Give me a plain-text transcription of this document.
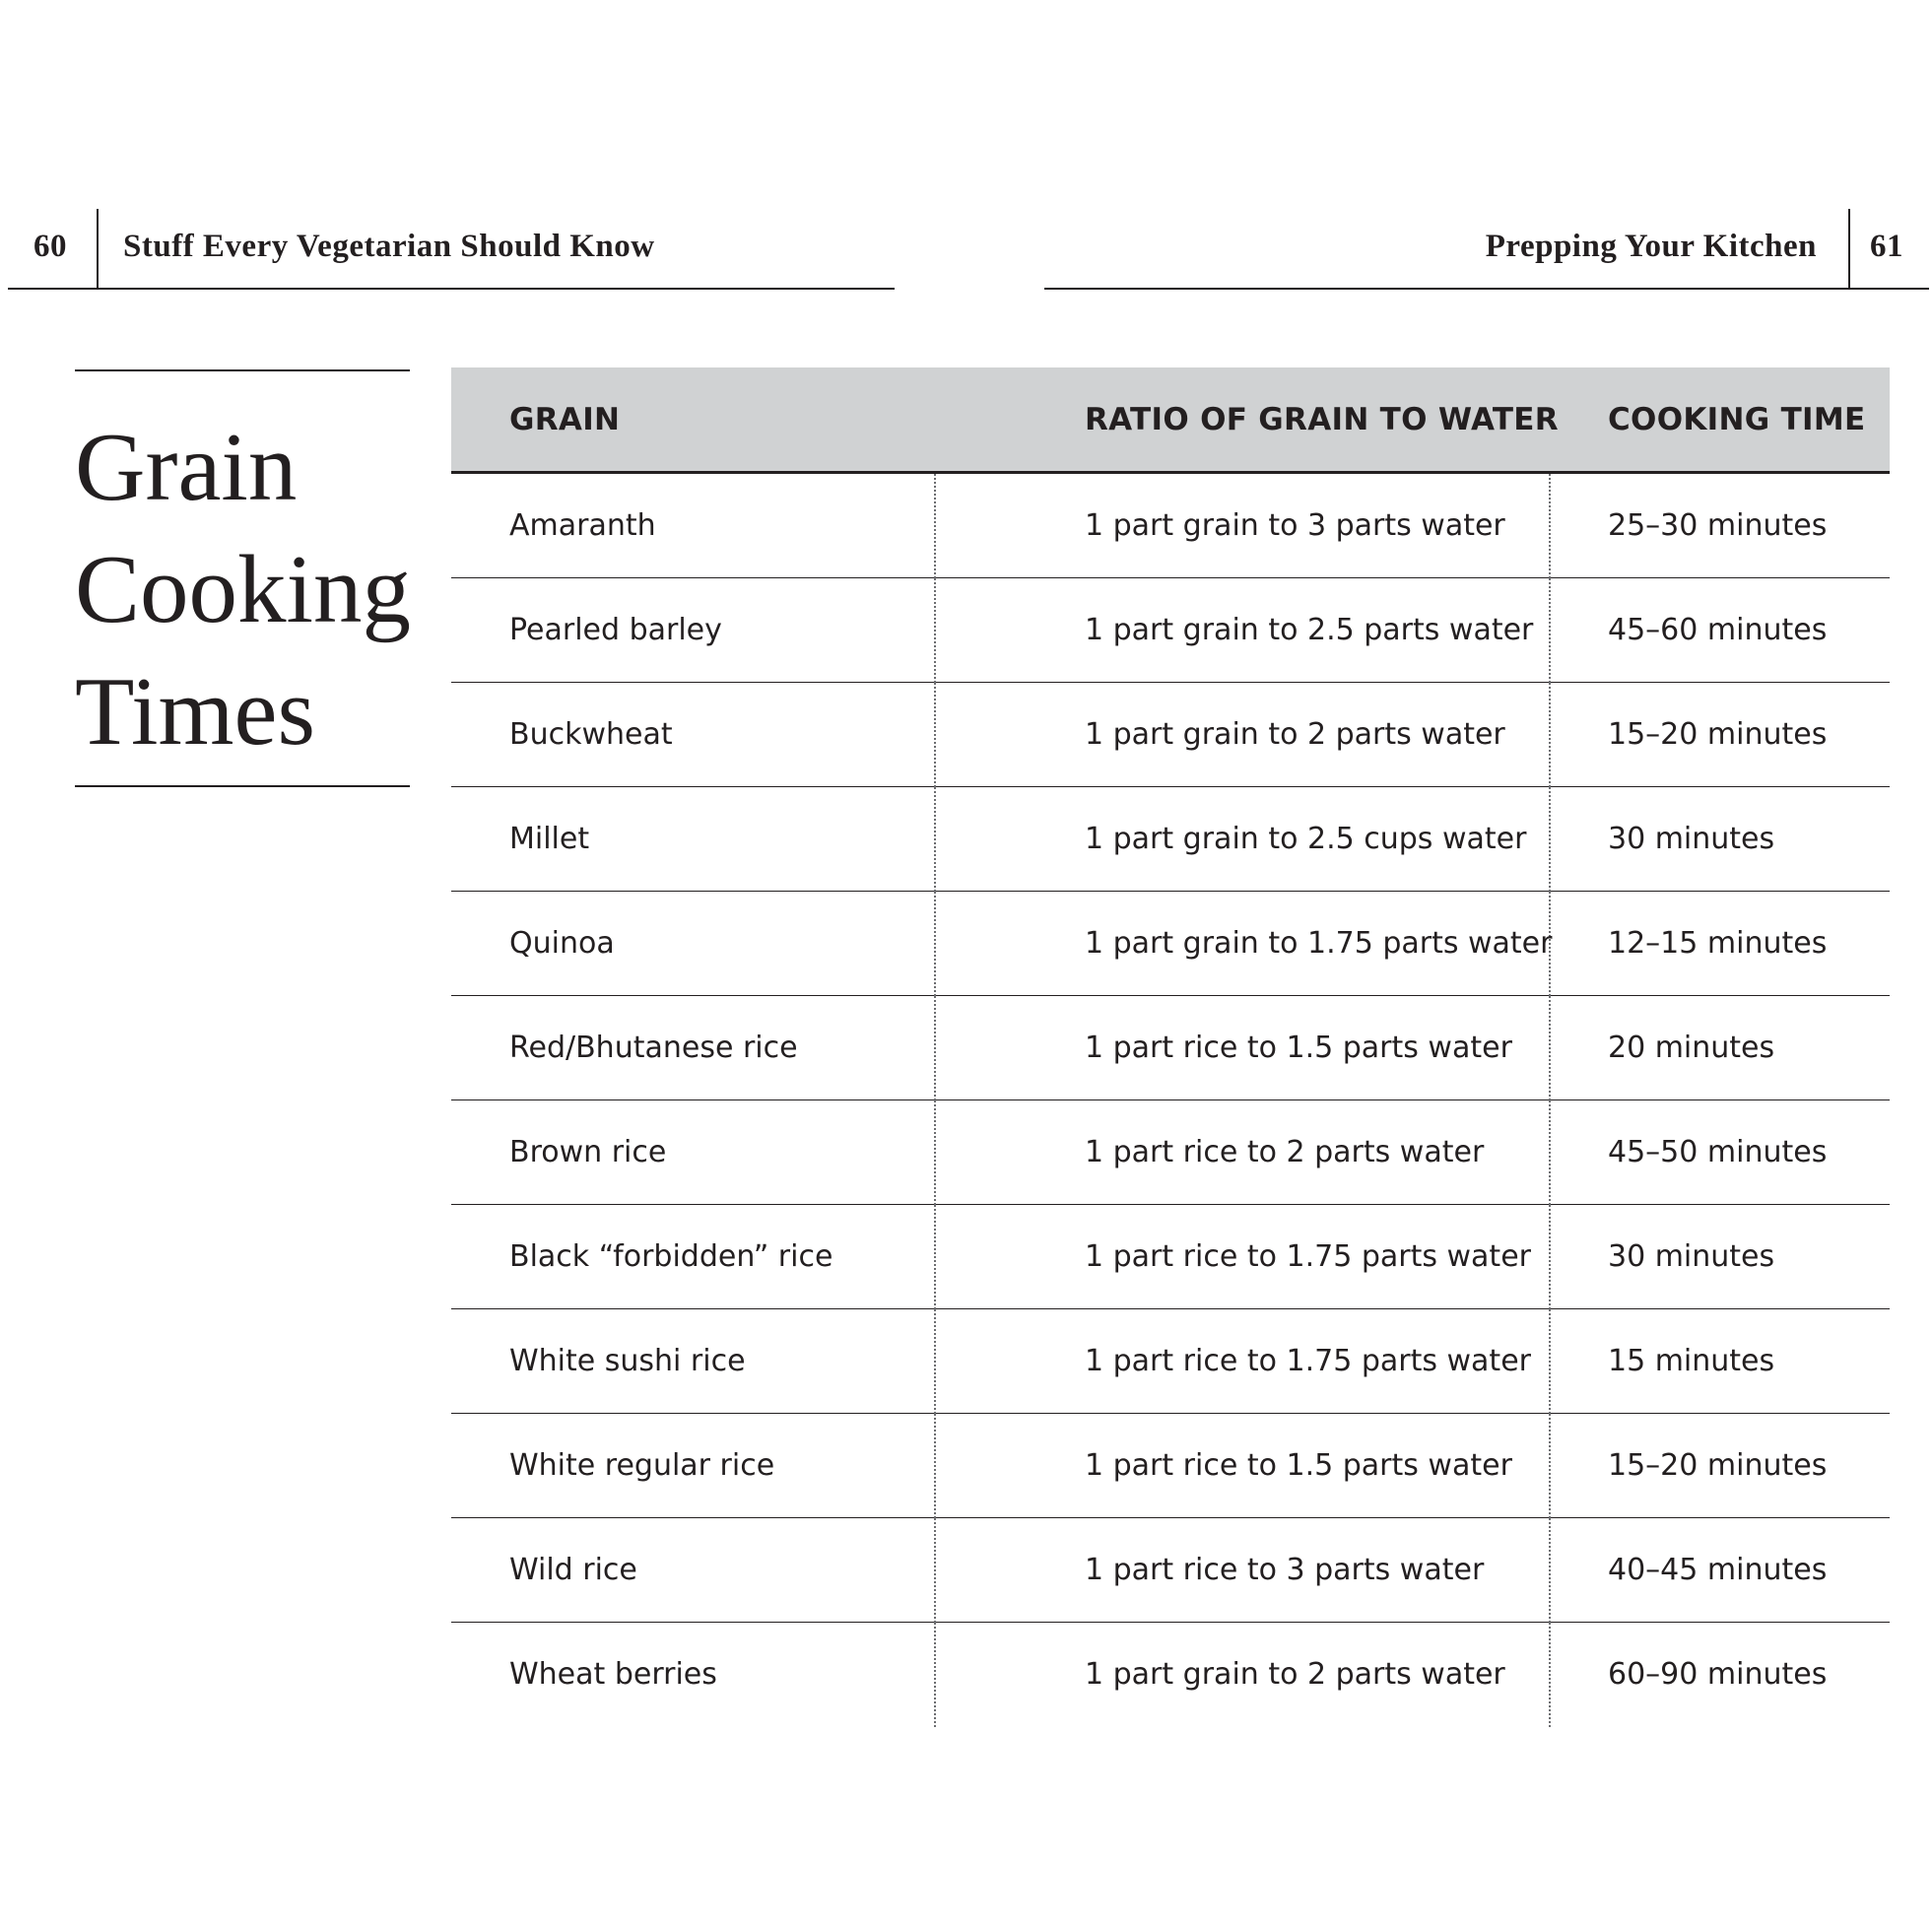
60 Stuff Every Vegetarian Should Know	Prepping Your Kitchen 61
Grain
Cooking
Times
GRAIN	RATIO OF GRAIN TO WATER	COOKING TIME
Amaranth	1 part grain to 3 parts water	25–30 minutes
Pearled barley	1 part grain to 2.5 parts water	45–60 minutes
Buckwheat	1 part grain to 2 parts water	15–20 minutes
Millet	1 part grain to 2.5 cups water	30 minutes
Quinoa	1 part grain to 1.75 parts water	12–15 minutes
Red/Bhutanese rice	1 part rice to 1.5 parts water	20 minutes
Brown rice	1 part rice to 2 parts water	45–50 minutes
Black “forbidden” rice	1 part rice to 1.75 parts water	30 minutes
White sushi rice	1 part rice to 1.75 parts water	15 minutes
White regular rice	1 part rice to 1.5 parts water	15–20 minutes
Wild rice	1 part rice to 3 parts water	40–45 minutes
Wheat berries	1 part grain to 2 parts water	60–90 minutes
